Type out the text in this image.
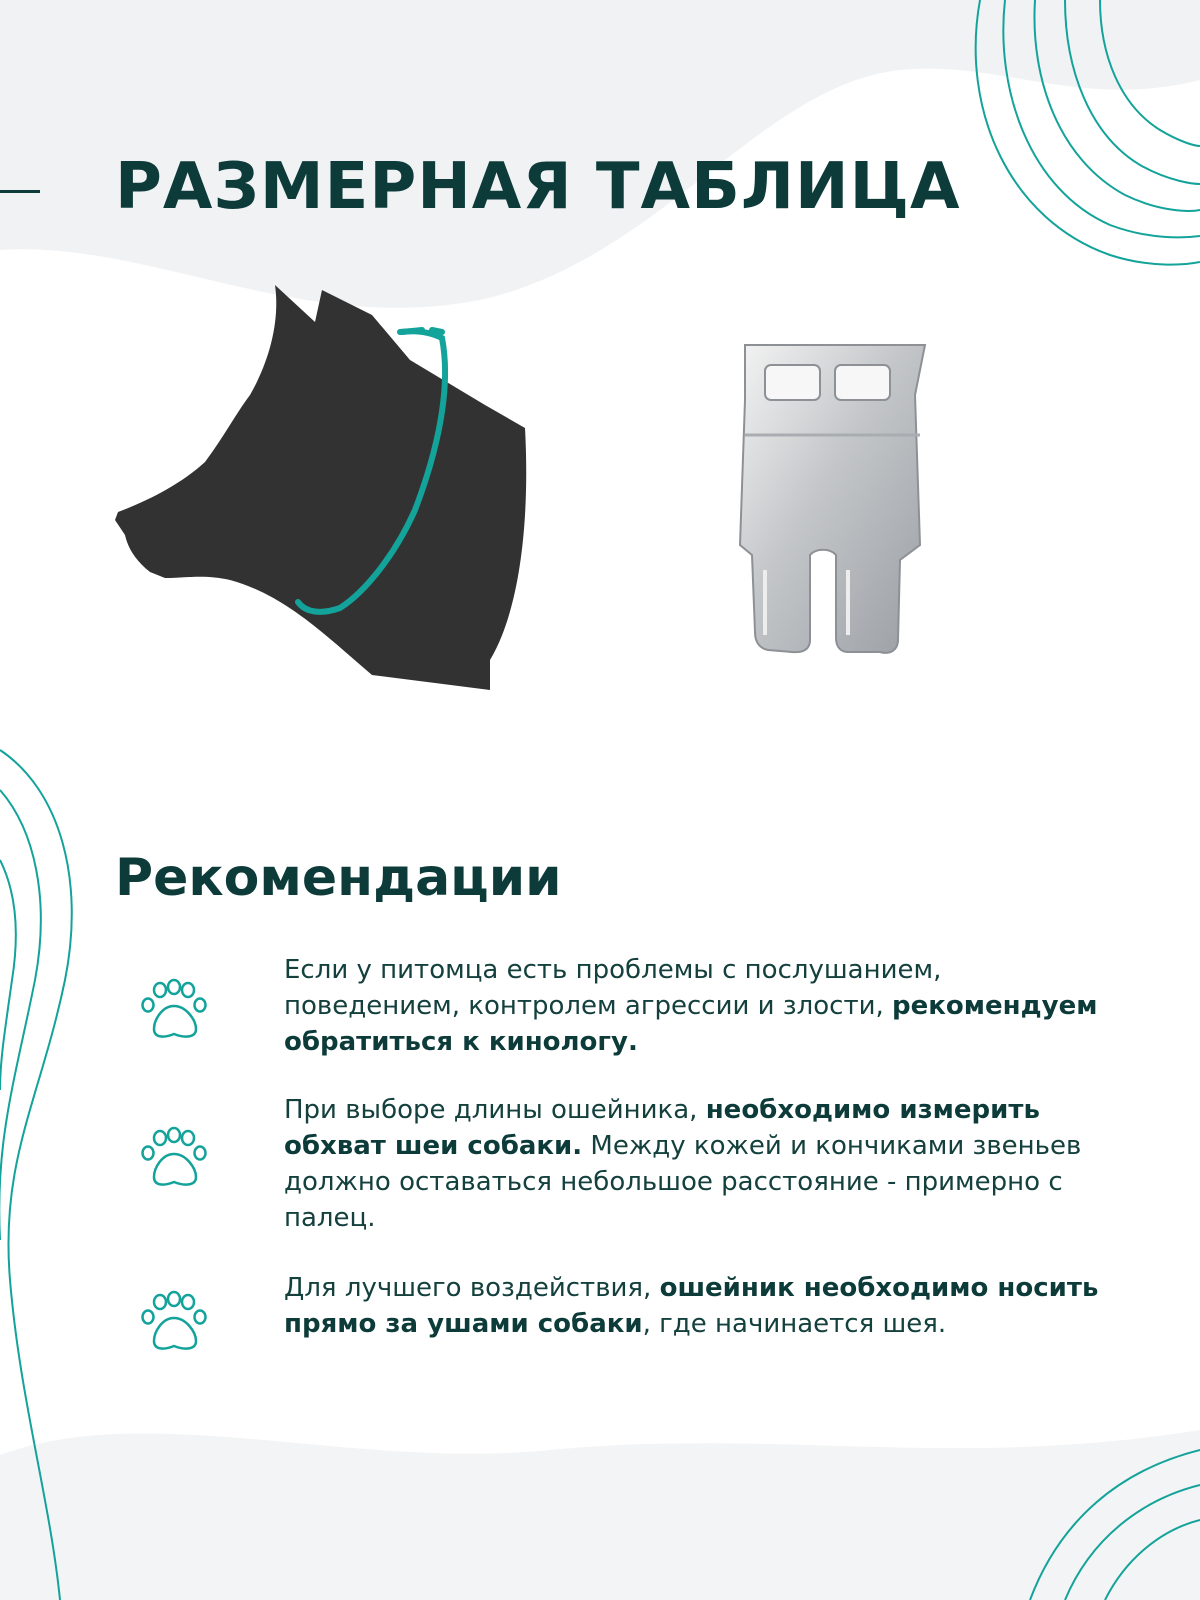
РАЗМЕРНАЯ ТАБЛИЦА
Рекомендации

Если у питомца есть проблемы с послушанием, поведением, контролем агрессии и злости, рекомендуем обратиться к кинологу.

При выборе длины ошейника, необходимо измерить обхват шеи собаки. Между кожей и кончиками звеньев должно оставаться небольшое расстояние - примерно с палец.

Для лучшего воздействия, ошейник необходимо носить прямо за ушами собаки, где начинается шея.
